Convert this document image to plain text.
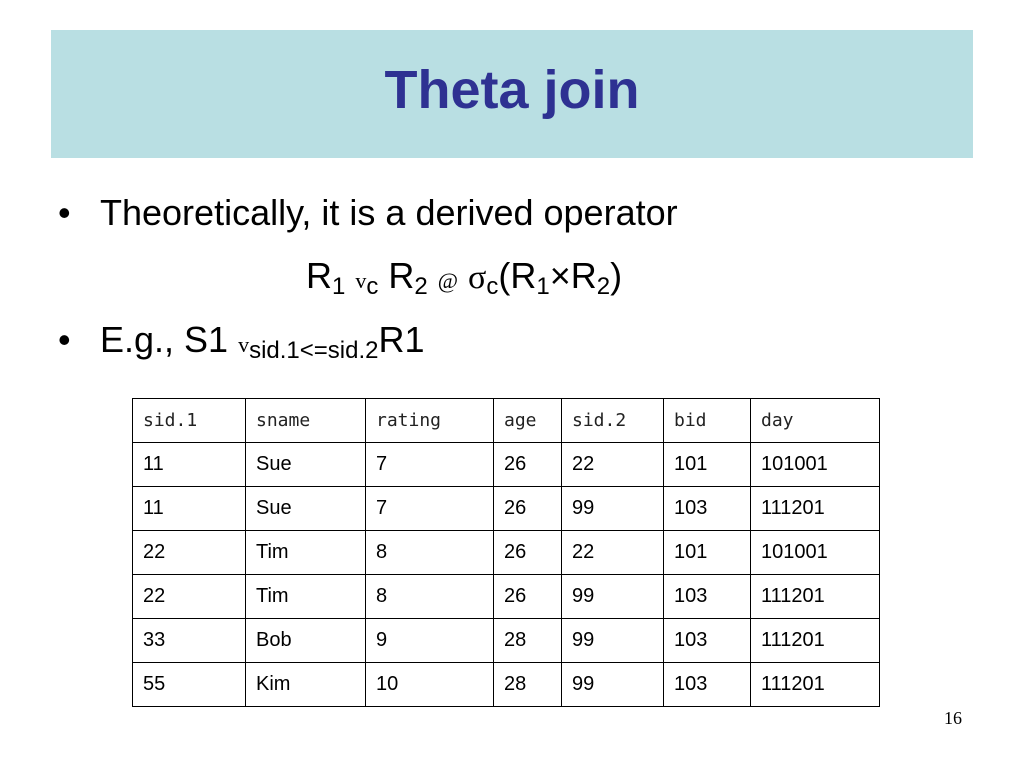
Theta join
• Theoretically, it is a derived operator
$R_1$ $v_c$ $R_2$ @ $\sigma_c(R_1\times R_2)$
• E.g., S1 $v_{sid.1<=sid.2}R1$
sid.1	sname	rating	age	sid.2	bid	day
11	Sue	7	26	22	101	101001
11	Sue	7	26	99	103	111201
22	Tim	8	26	22	101	101001
22	Tim	8	26	99	103	111201
33	Bob	9	28	99	103	111201
55	Kim	10	28	99	103	111201
16
